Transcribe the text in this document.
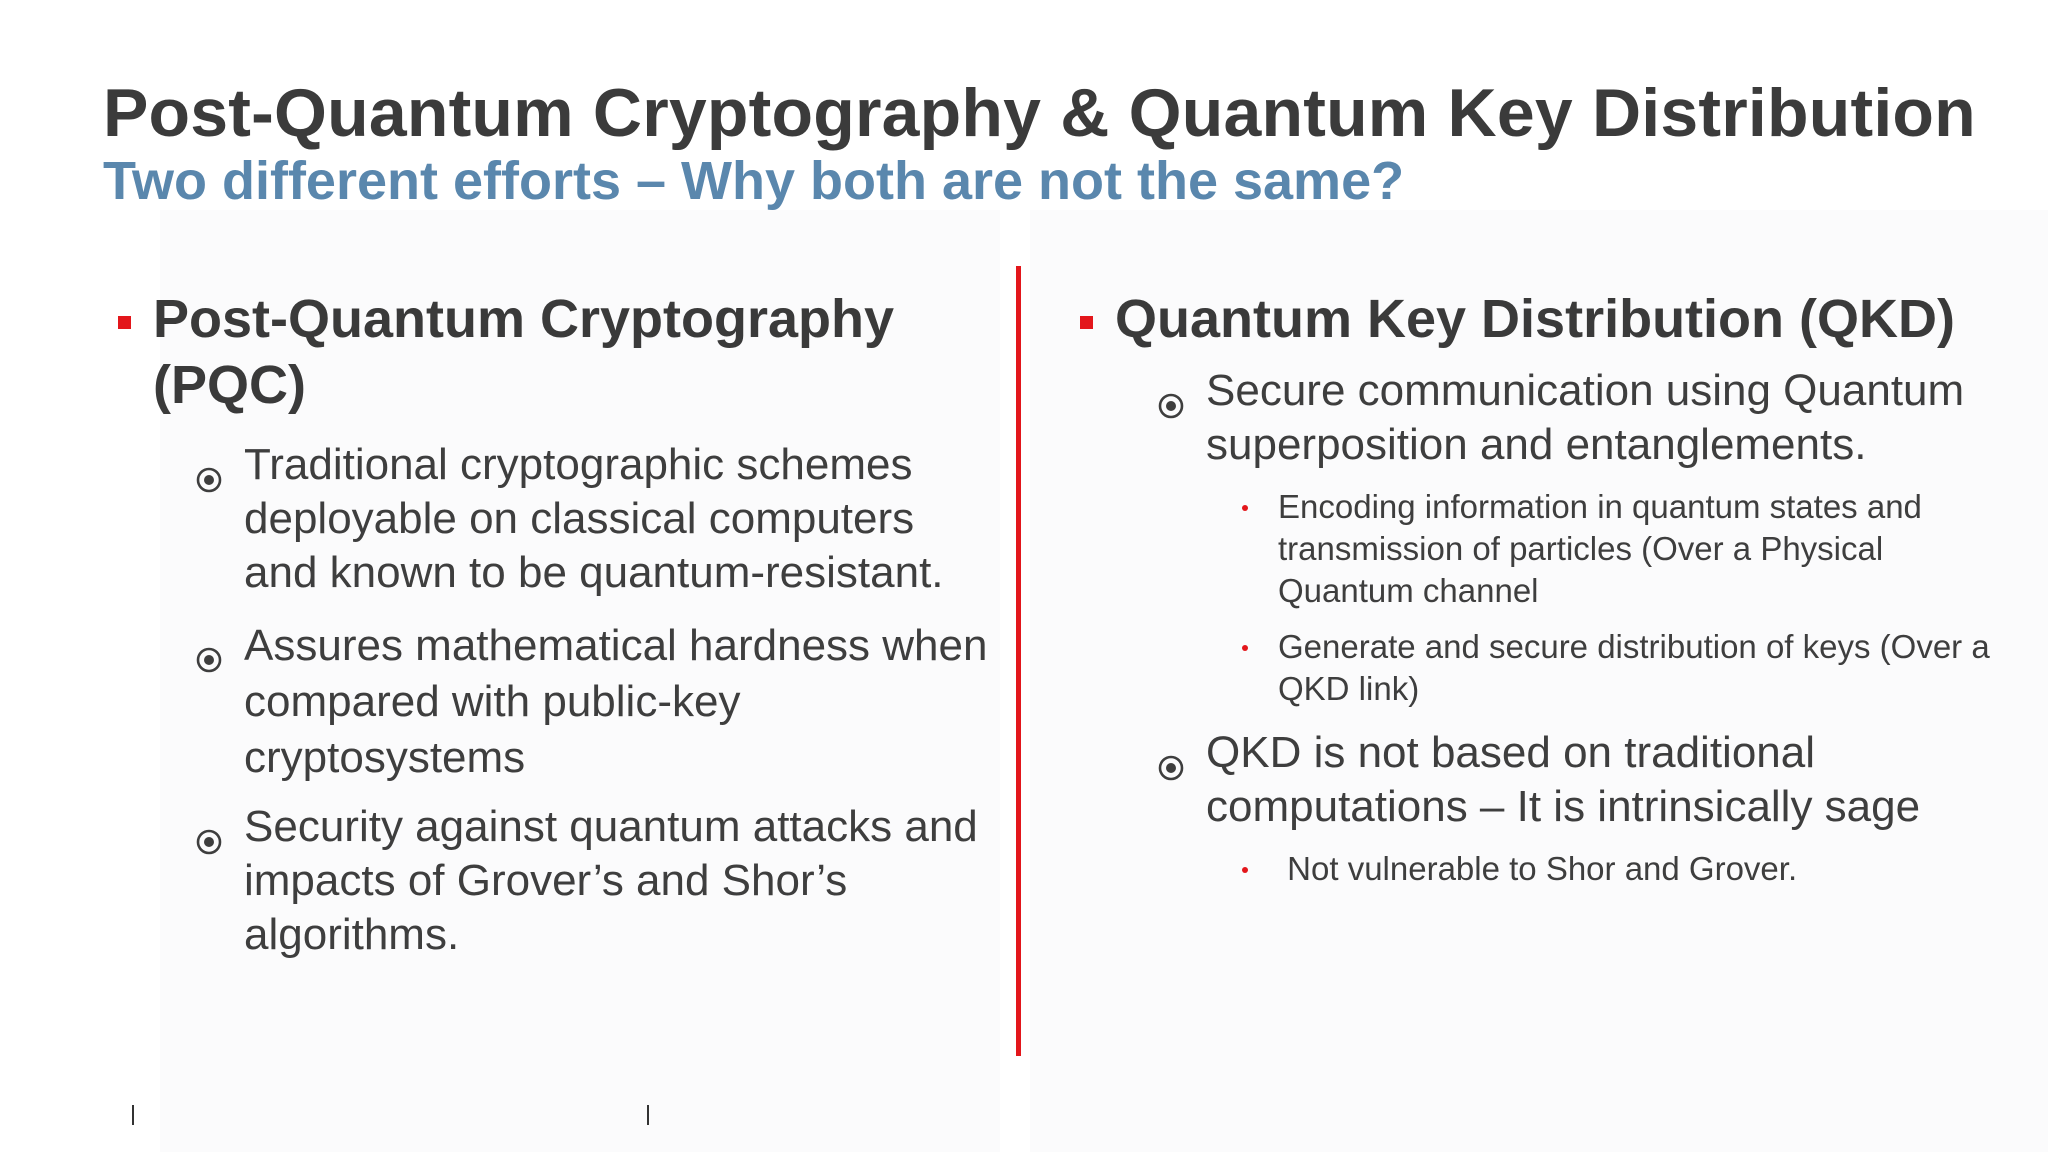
Post-Quantum Cryptography & Quantum Key Distribution
Two different efforts – Why both are not the same?
Post-Quantum Cryptography (PQC)
Traditional cryptographic schemes deployable on classical computers and known to be quantum-resistant.
Assures mathematical hardness when compared with public-key cryptosystems
Security against quantum attacks and impacts of Grover’s and Shor’s algorithms.
Quantum Key Distribution (QKD)
Secure communication using Quantum superposition and entanglements.
Encoding information in quantum states and transmission of particles (Over a Physical Quantum channel
Generate and secure distribution of keys (Over a QKD link)
QKD is not based on traditional computations – It is intrinsically sage
Not vulnerable to Shor and Grover.
